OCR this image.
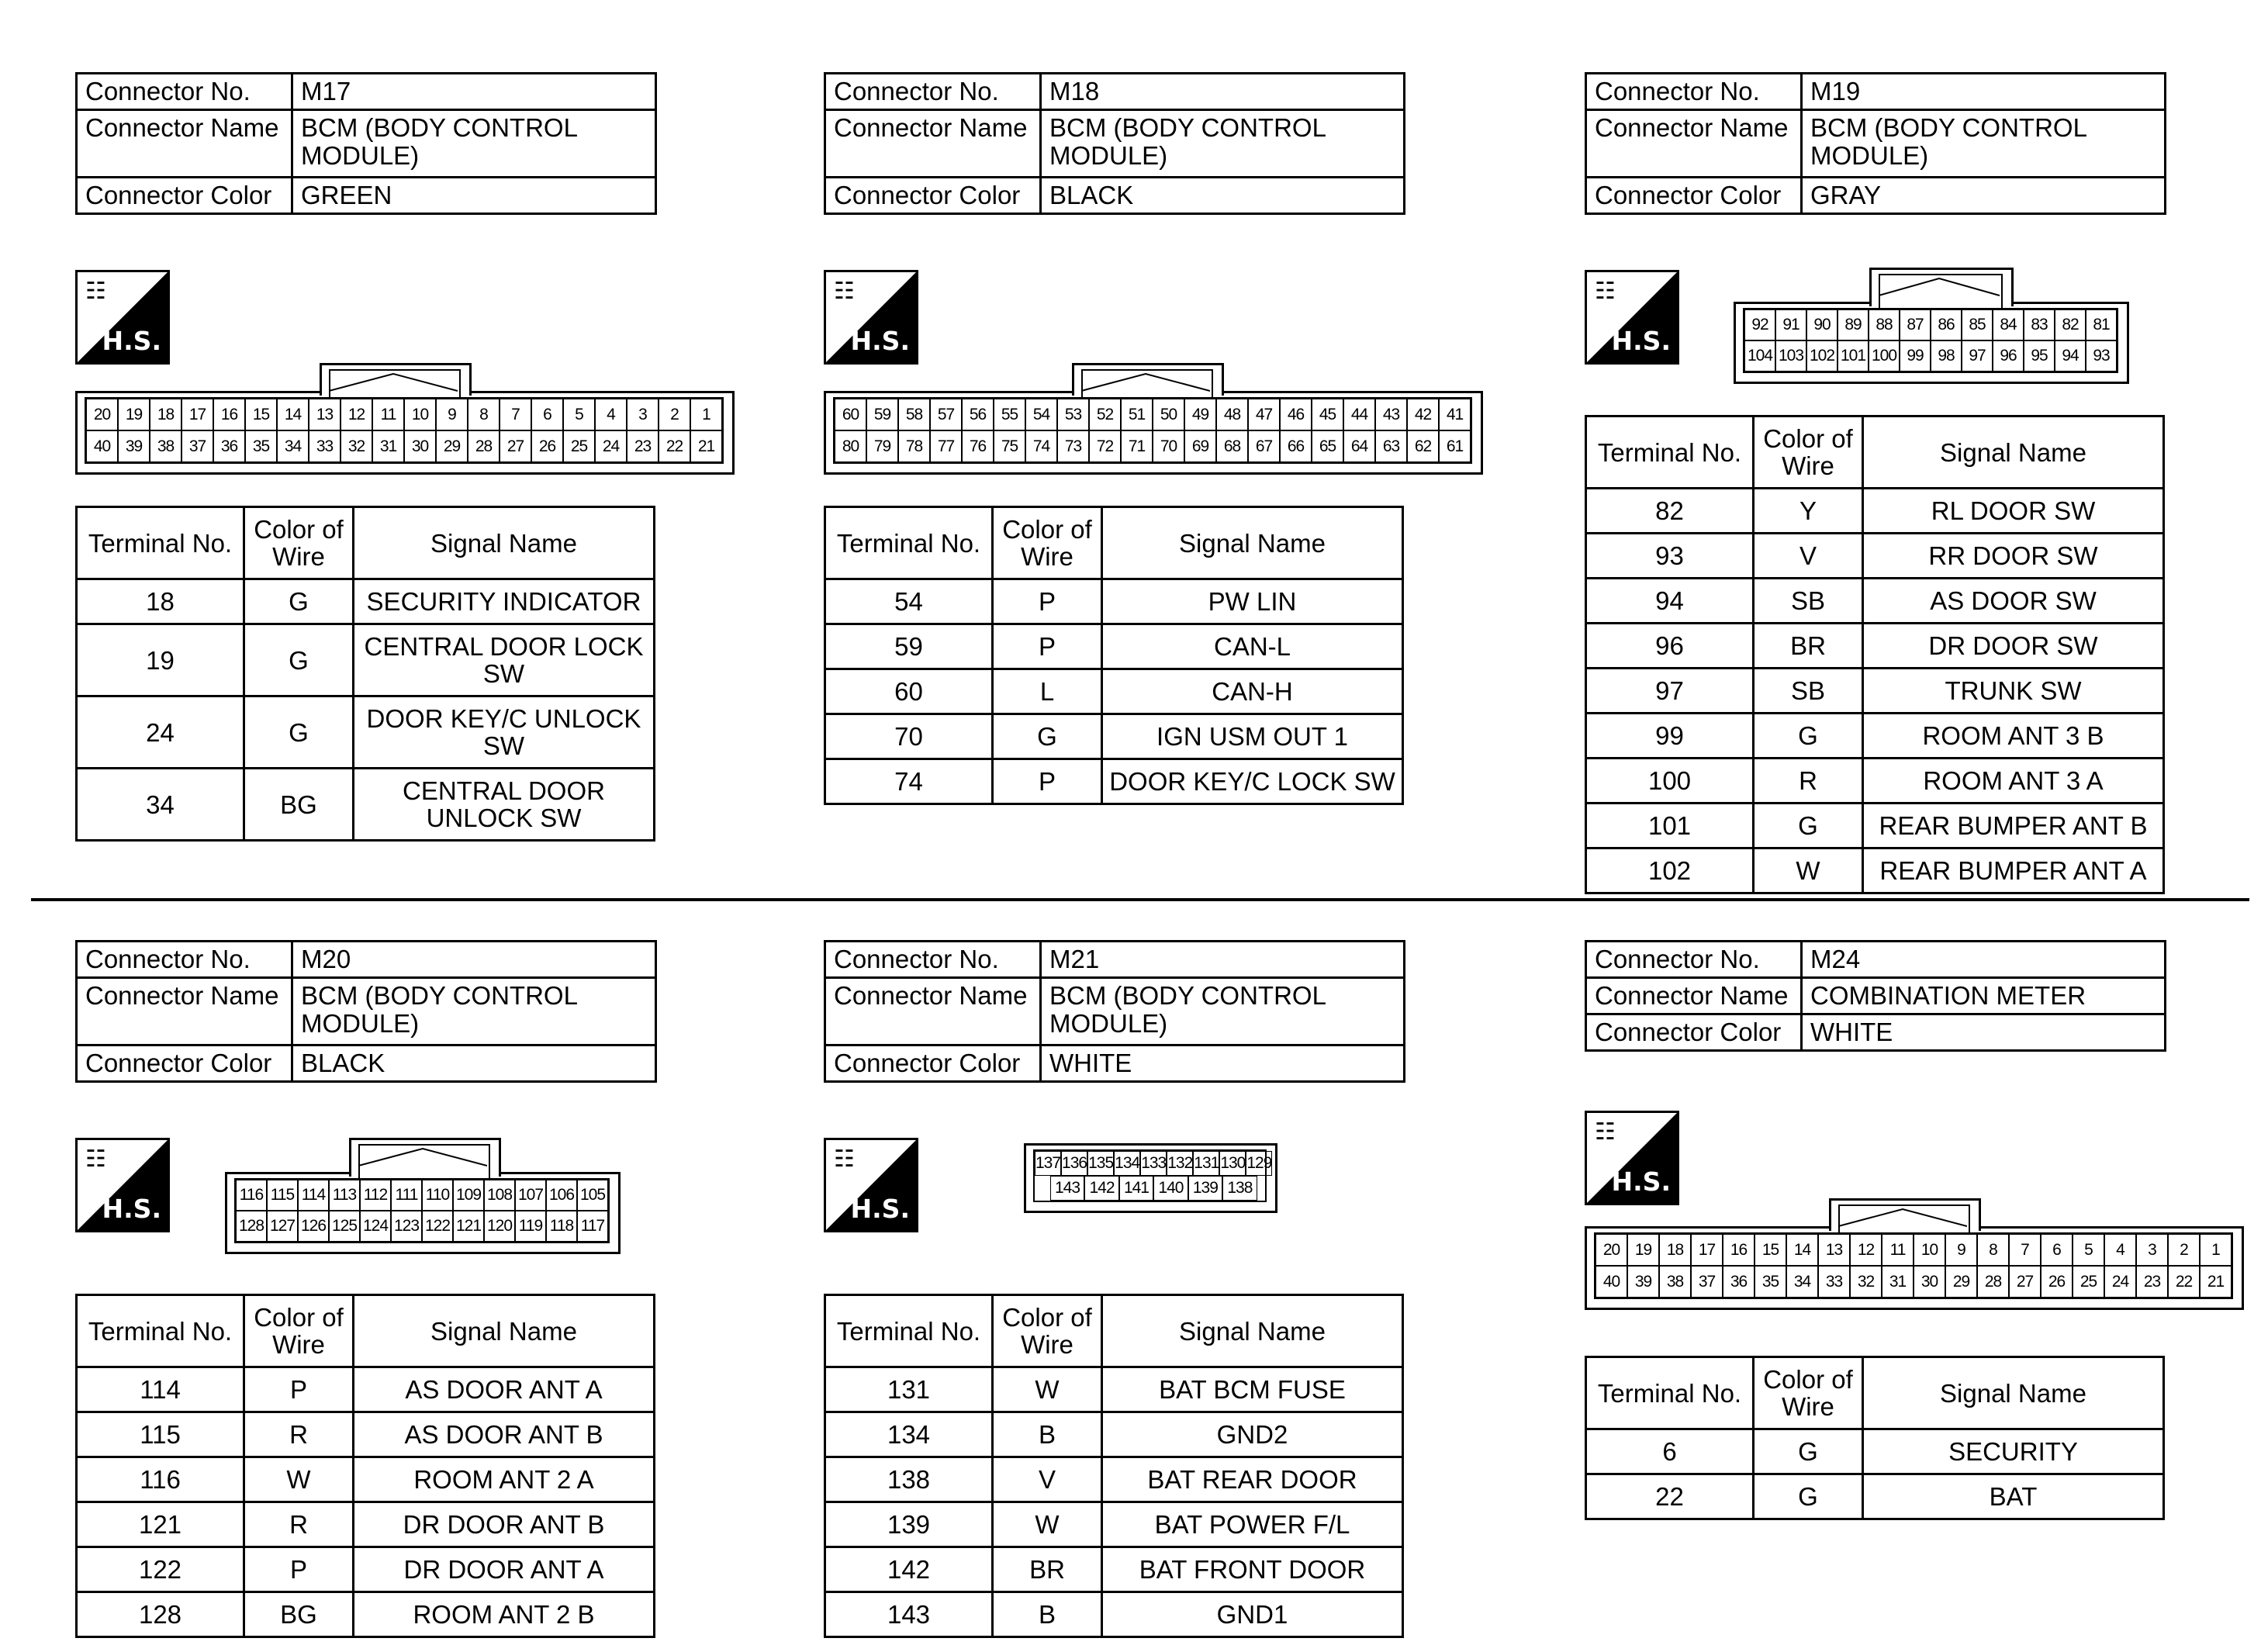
Connector No.	M17
Connector Name	BCM (BODY CONTROL MODULE)
Connector Color	GREEN
☷
H.S.
20 19 18 17 16 15 14 13 12 11 10	9	8	7	6	5	4	3	2	1
40 39 38 37 36 35 34 33 32 31 30 29 28 27 26 25 24 23 22 21
Terminal No.	Color of Wire	Signal Name
18	G	SECURITY INDICATOR
19	G	CENTRAL DOOR LOCK SW
24	G	DOOR KEY/C UNLOCK SW
34	BG	CENTRAL DOOR UNLOCK SW
Connector No.	M18
Connector Name	BCM (BODY CONTROL MODULE)
Connector Color	BLACK
☷
H.S.
60 59 58 57 56 55 54 53 52 51 50 49 48 47 46 45 44 43 42 41
80 79 78 77 76 75 74 73 72 71 70 69 68 67 66 65 64 63 62 61
Terminal No.	Color of Wire	Signal Name
54	P	PW LIN
59	P	CAN-L
60	L	CAN-H
70	G	IGN USM OUT 1
74	P	DOOR KEY/C LOCK SW
Connector No.	M19
Connector Name	BCM (BODY CONTROL MODULE)
Connector Color	GRAY
☷
H.S.
92 91 90 89 88 87 86 85 84 83 82 81
104 103 102 101 100 99 98 97 96 95 94 93
Terminal No.	Color of Wire	Signal Name
82	Y	RL DOOR SW
93	V	RR DOOR SW
94	SB	AS DOOR SW
96	BR	DR DOOR SW
97	SB	TRUNK SW
99	G	ROOM ANT 3 B
100	R	ROOM ANT 3 A
101	G	REAR BUMPER ANT B
102	W	REAR BUMPER ANT A
Connector No.	M20
Connector Name	BCM (BODY CONTROL MODULE)
Connector Color	BLACK
☷
H.S.	116 115 114 113 112 111 110 109 108 107 106 105
128 127 126 125 124 123 122 121 120 119 118 117
Terminal No.	Color of Wire	Signal Name
114	P	AS DOOR ANT A
115	R	AS DOOR ANT B
116	W	ROOM ANT 2 A
121	R	DR DOOR ANT B
122	P	DR DOOR ANT A
128	BG	ROOM ANT 2 B
Connector No.	M21
Connector Name	BCM (BODY CONTROL MODULE)
Connector Color	WHITE
☷
H.S.
137 136 135 134 133 132 131 130 129
143 142 141 140 139 138
Terminal No.	Color of Wire	Signal Name
131	W	BAT BCM FUSE
134	B	GND2
138	V	BAT REAR DOOR
139	W	BAT POWER F/L
142	BR	BAT FRONT DOOR
143	B	GND1
Connector No.	M24
Connector Name	COMBINATION METER
Connector Color	WHITE
☷
H.S.
20 19 18 17 16 15 14 13 12 11 10	9	8	7	6	5	4	3	2	1
40 39 38 37 36 35 34 33 32 31 30 29 28 27 26 25 24 23 22 21
Terminal No.	Color of Wire	Signal Name
6	G	SECURITY
22	G	BAT
